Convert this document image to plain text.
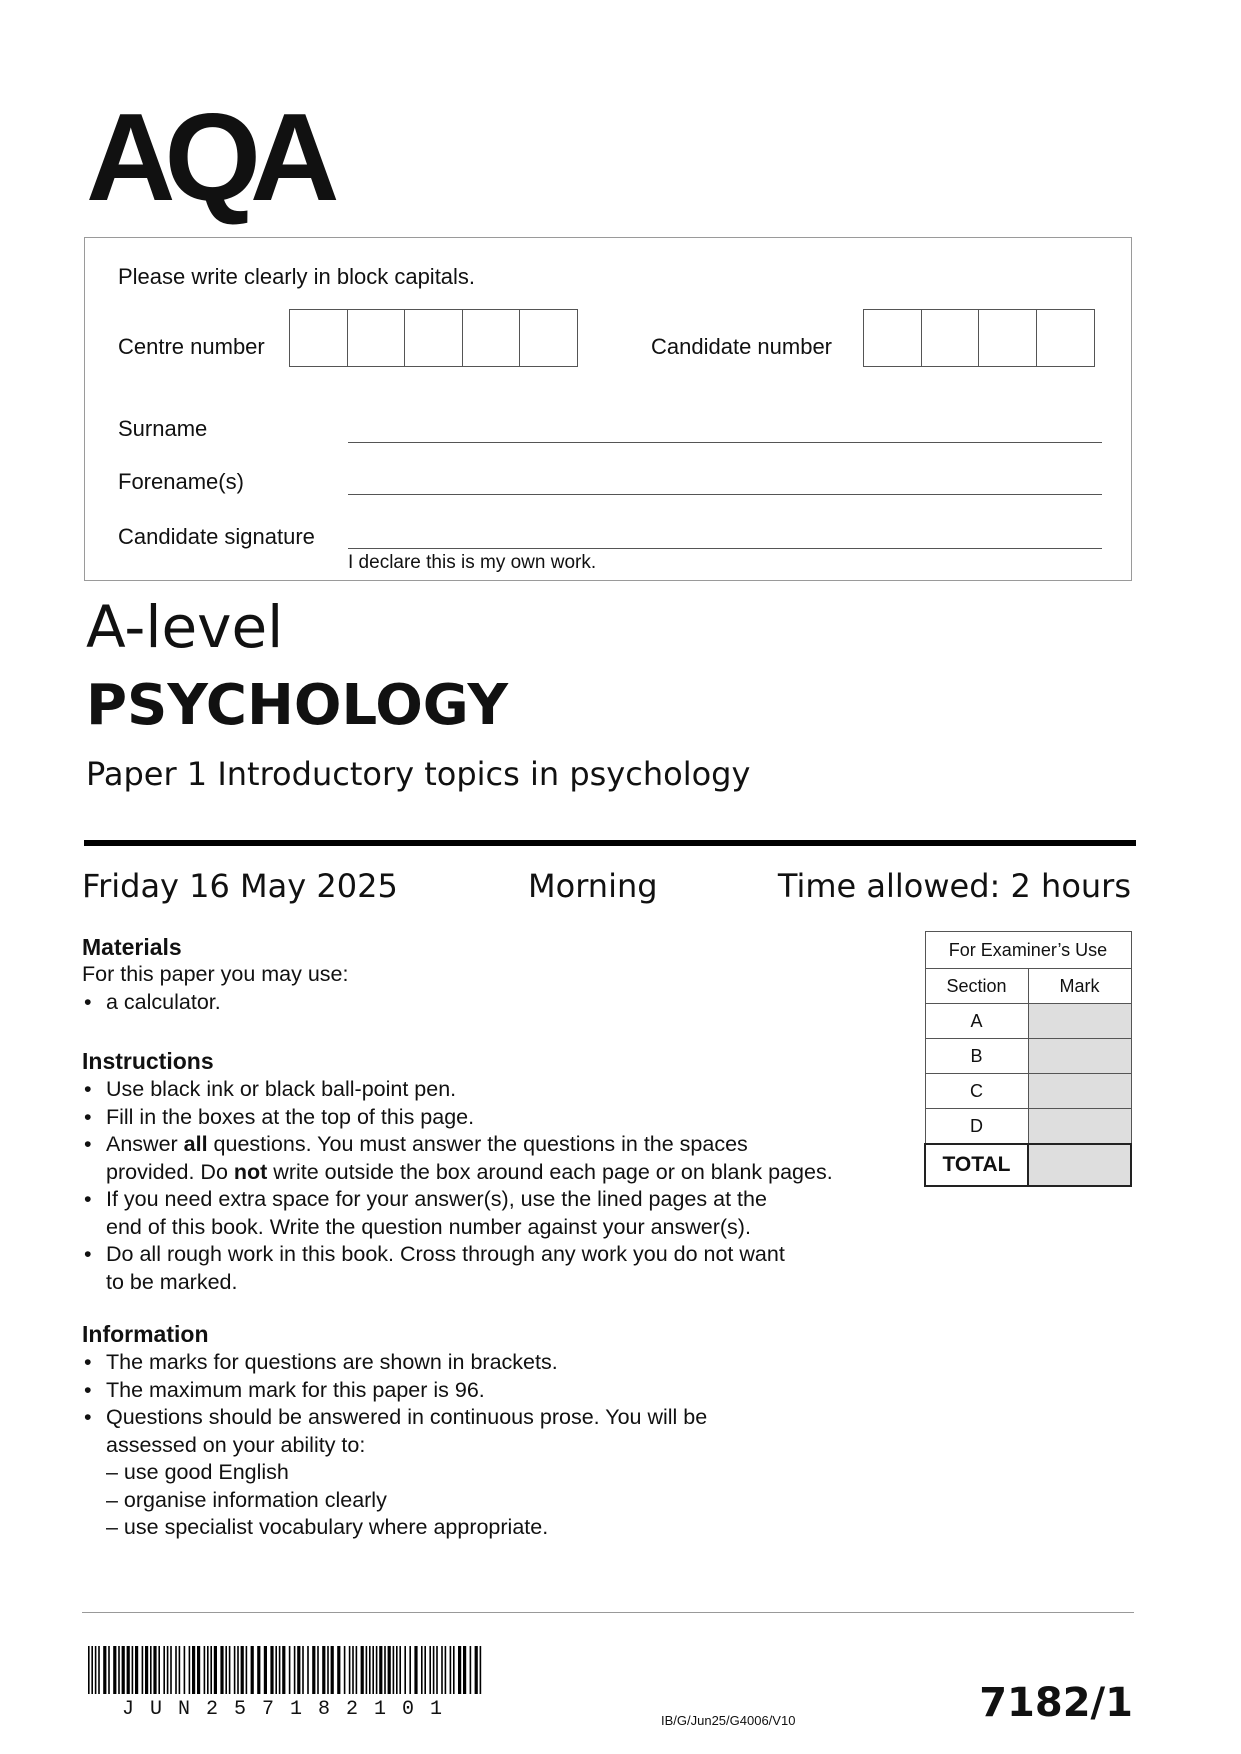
AQA
Please write clearly in block capitals.
Centre number	Candidate number
Surname
Forename(s)
Candidate signature
I declare this is my own work.
A-level
PSYCHOLOGY
Paper 1 Introductory topics in psychology
Friday 16 May 2025	Morning	Time allowed: 2 hours
Materials
For this paper you may use:
• a calculator.
Instructions
• Use black ink or black ball-point pen.
• Fill in the boxes at the top of this page.
• Answer all questions. You must answer the questions in the spaces
provided. Do not write outside the box around each page or on blank pages.
• If you need extra space for your answer(s), use the lined pages at the
end of this book. Write the question number against your answer(s).
• Do all rough work in this book. Cross through any work you do not want
to be marked.
Information
• The marks for questions are shown in brackets.
• The maximum mark for this paper is 96.
• Questions should be answered in continuous prose. You will be
assessed on your ability to:
– use good English
– organise information clearly
– use specialist vocabulary where appropriate.
For Examiner’s Use	
Section	Mark
A	
B	
C	
D	
TOTAL	
JUN257182101	IB/G/Jun25/G4006/V10	7182/1
